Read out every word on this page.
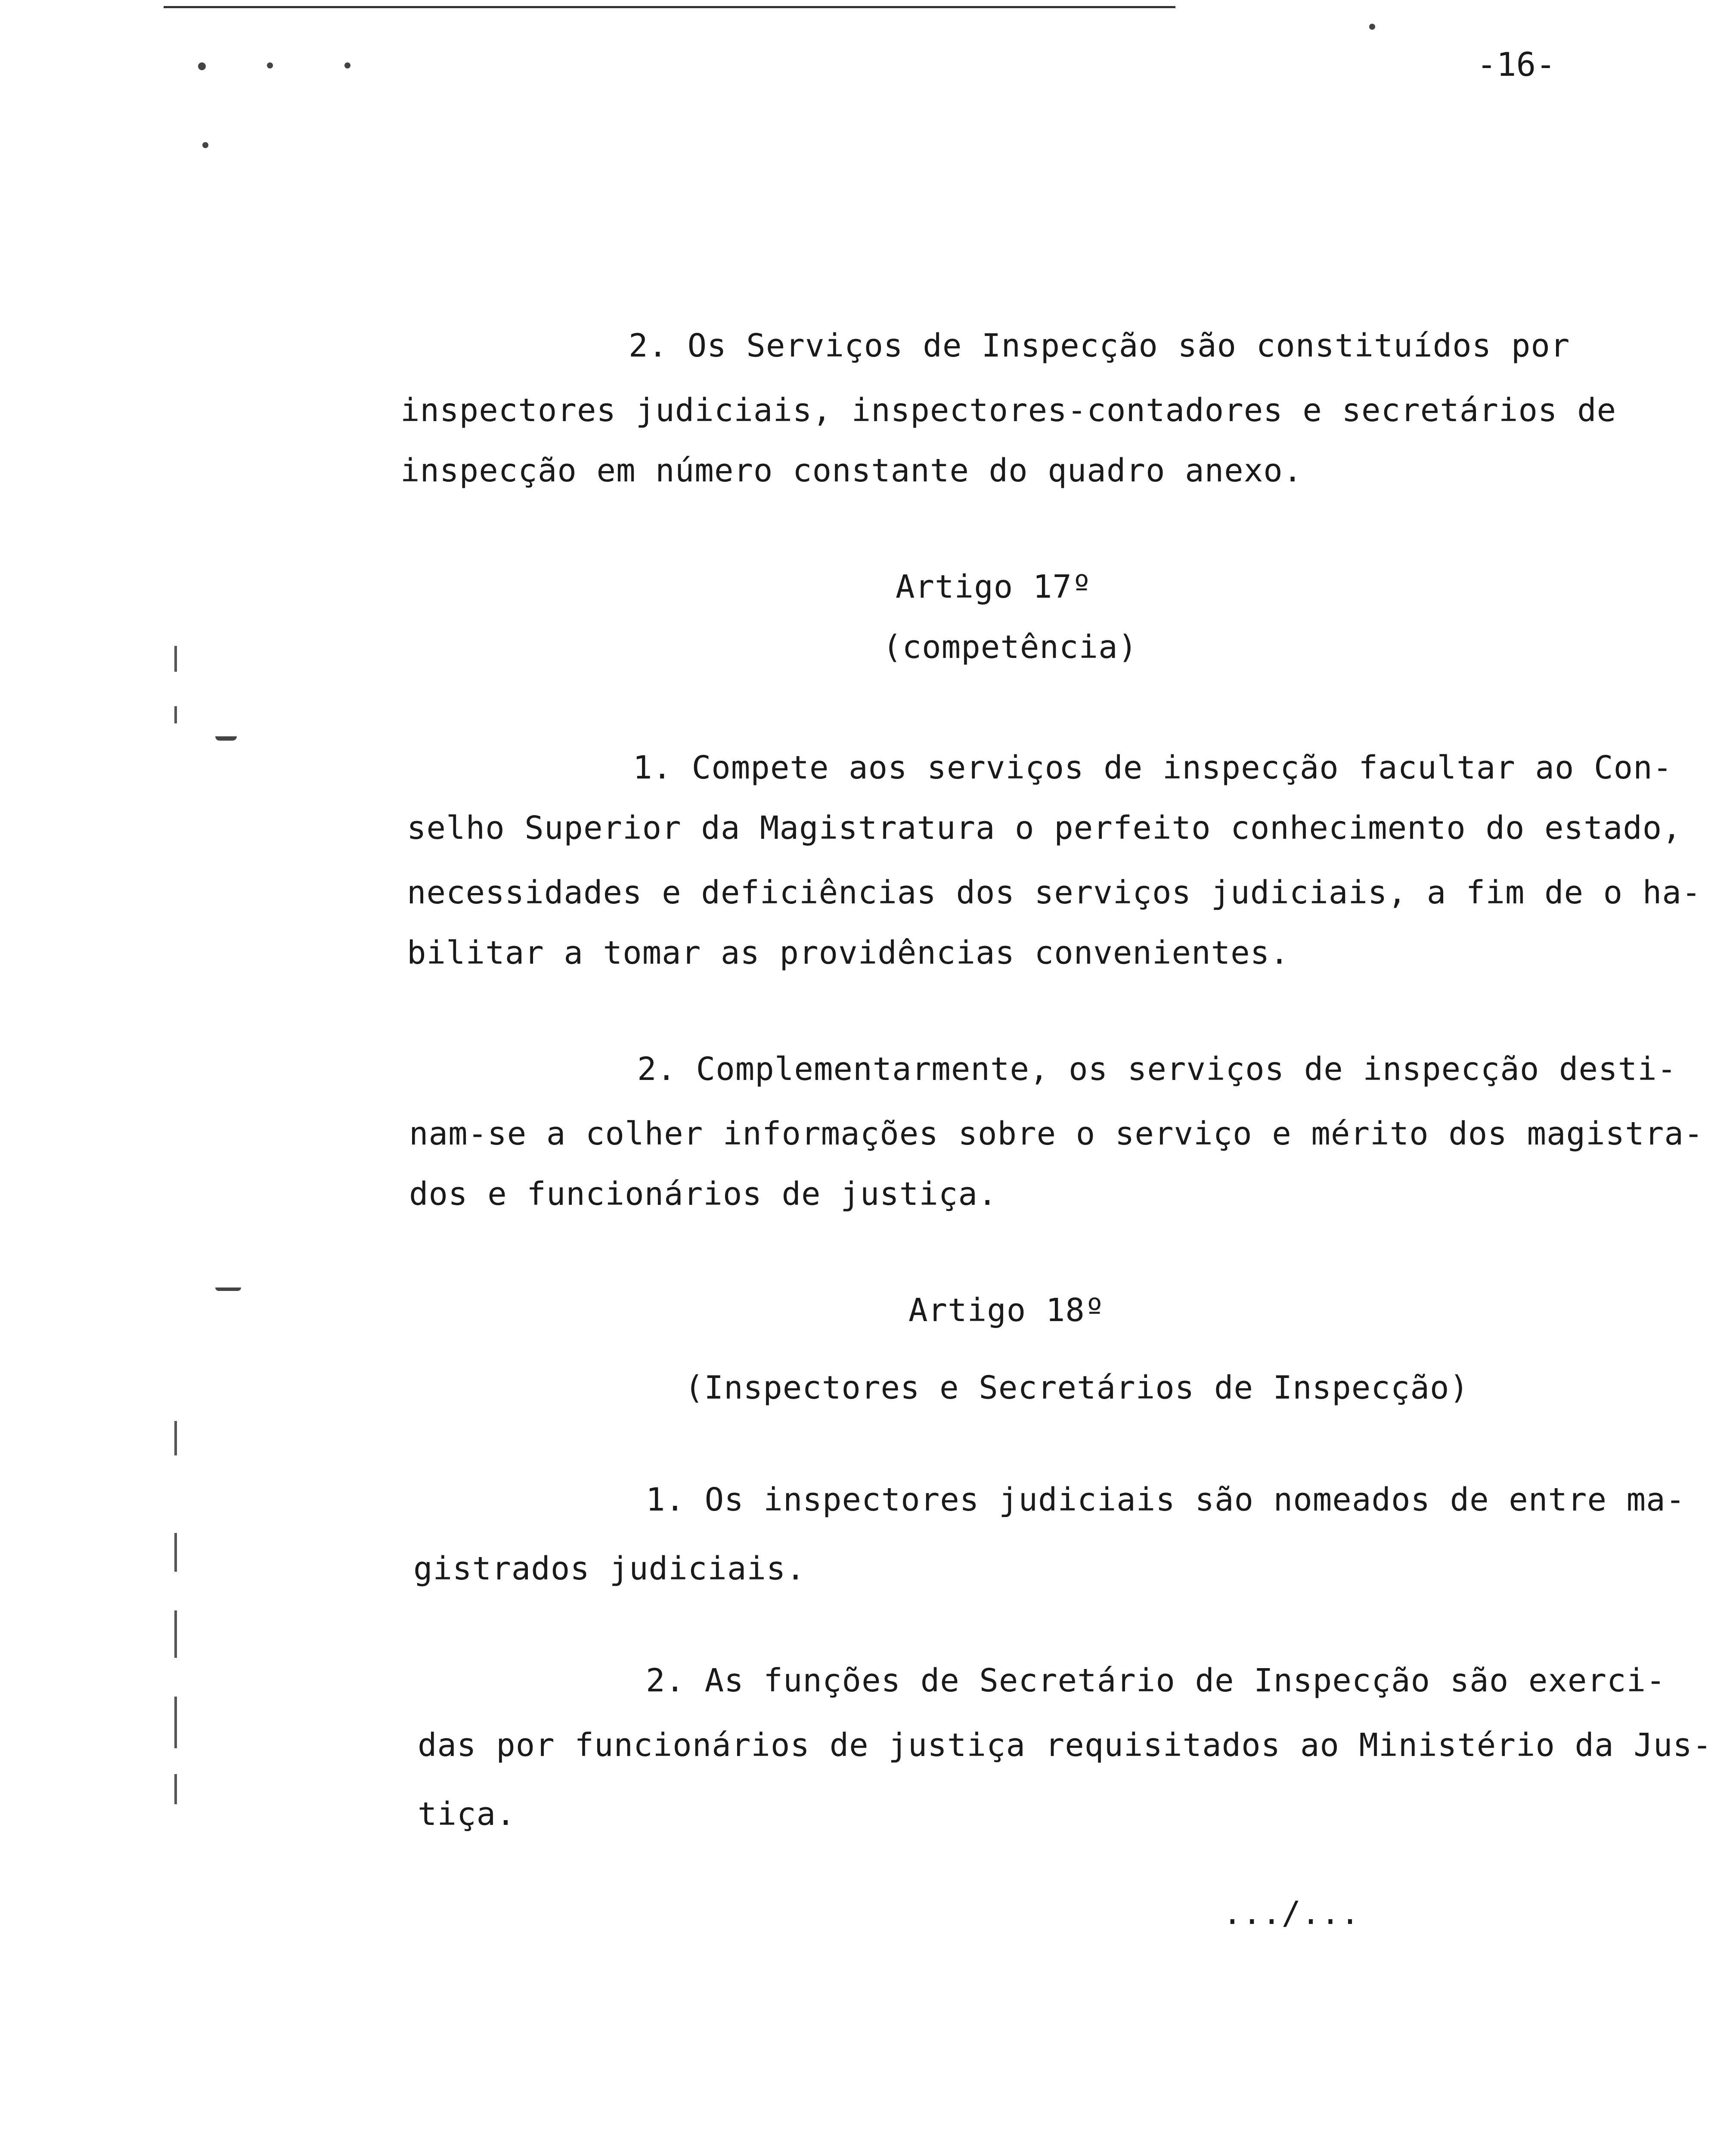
-16-
2. Os Serviços de Inspecção são constituídos por
inspectores judiciais, inspectores-contadores e secretários de
inspecção em número constante do quadro anexo.
Artigo 17º
(competência)
1. Compete aos serviços de inspecção facultar ao Con-
selho Superior da Magistratura o perfeito conhecimento do estado,
necessidades e deficiências dos serviços judiciais, a fim de o ha-
bilitar a tomar as providências convenientes.
2. Complementarmente, os serviços de inspecção desti-
nam-se a colher informações sobre o serviço e mérito dos magistra-
dos e funcionários de justiça.
Artigo 18º
(Inspectores e Secretários de Inspecção)
1. Os inspectores judiciais são nomeados de entre ma-
gistrados judiciais.
2. As funções de Secretário de Inspecção são exerci-
das por funcionários de justiça requisitados ao Ministério da Jus-
tiça.
.../...
